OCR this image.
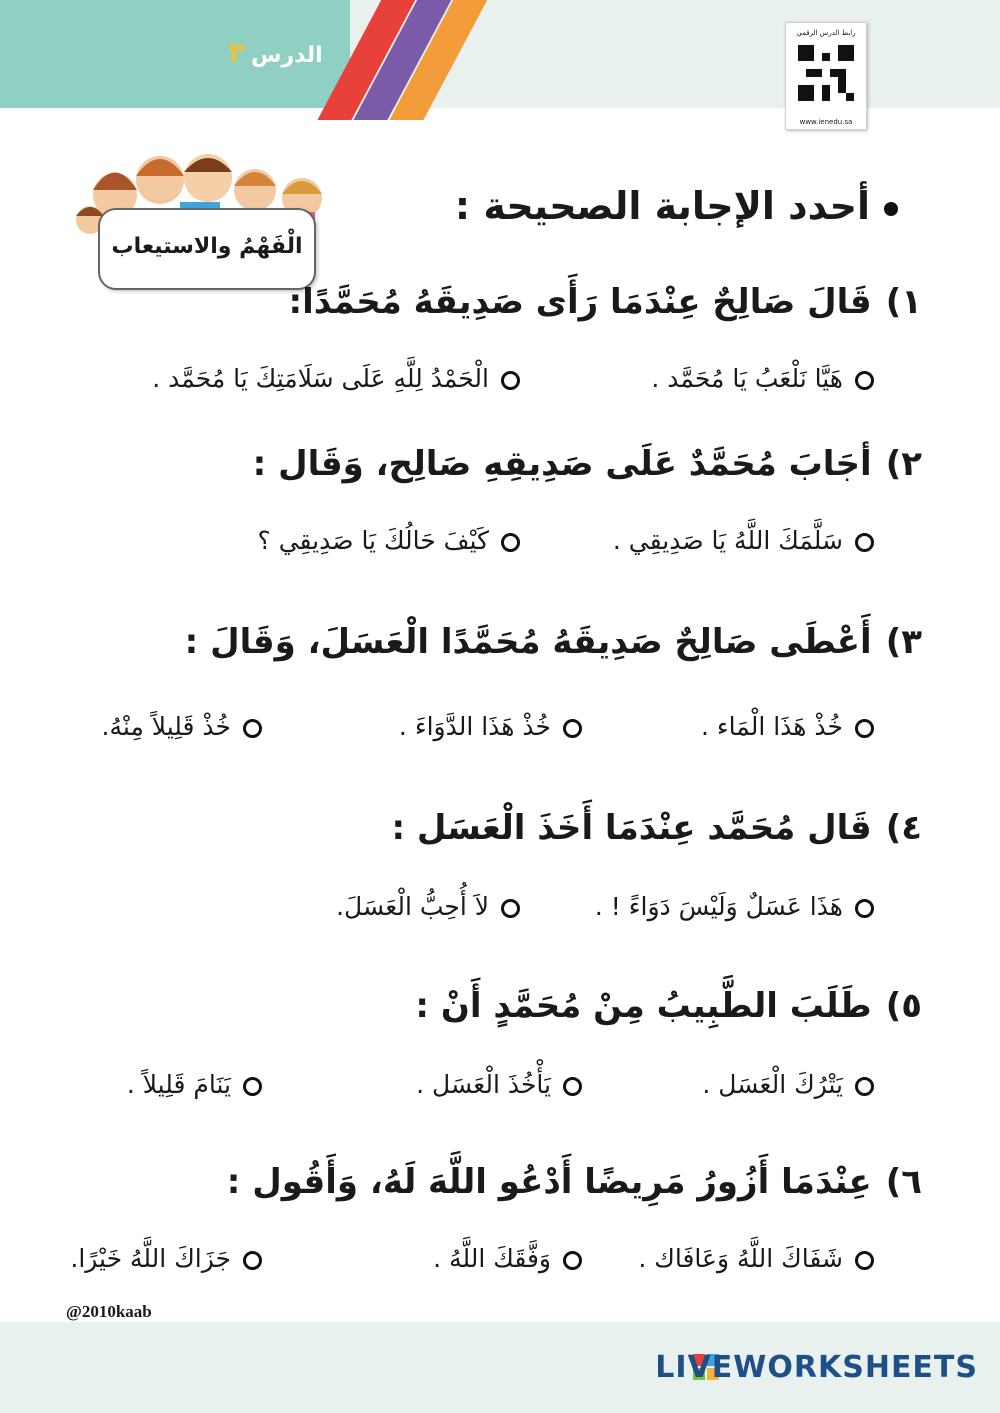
الدرس٣
رابط الدرس الرقمي
www.ienedu.sa
الْفَهْمُ والاستيعاب
أحدد الإجابة الصحيحة :
١)قَالَ صَالِحٌ عِنْدَمَا رَأَى صَدِيقَهُ مُحَمَّدًا:
هَيَّا نَلْعَبُ يَا مُحَمَّد .
الْحَمْدُ لِلَّهِ عَلَى سَلَامَتِكَ يَا مُحَمَّد .
٢)أجَابَ مُحَمَّدٌ عَلَى صَدِيقِهِ صَالِح، وَقَال :
سَلَّمَكَ اللَّهُ يَا صَدِيقِي .
كَيْفَ حَالُكَ يَا صَدِيقِي ؟
٣)أَعْطَى صَالِحٌ صَدِيقَهُ مُحَمَّدًا الْعَسَلَ، وَقَالَ :
خُذْ هَذَا الْمَاء .
خُذْ هَذَا الدَّوَاءَ .
خُذْ قَلِيلاً مِنْهُ.
٤)قَال مُحَمَّد عِنْدَمَا أَخَذَ الْعَسَل :
هَذَا عَسَلٌ وَلَيْسَ دَوَاءً ! .
لاَ أُحِبُّ الْعَسَلَ.
٥)طَلَبَ الطَّبِيبُ مِنْ مُحَمَّدٍ أَنْ :
يَتْرُكَ الْعَسَل .
يَأْخُذَ الْعَسَل .
يَنَامَ قَلِيلاً .
٦)عِنْدَمَا أَزُورُ مَرِيضًا أَدْعُو اللَّهَ لَهُ، وَأَقُول :
شَفَاكَ اللَّهُ وَعَافَاك .
وَفَّقَكَ اللَّهُ .
جَزَاكَ اللَّهُ خَيْرًا.
@2010kaab
LIVEWORKSHEETS
